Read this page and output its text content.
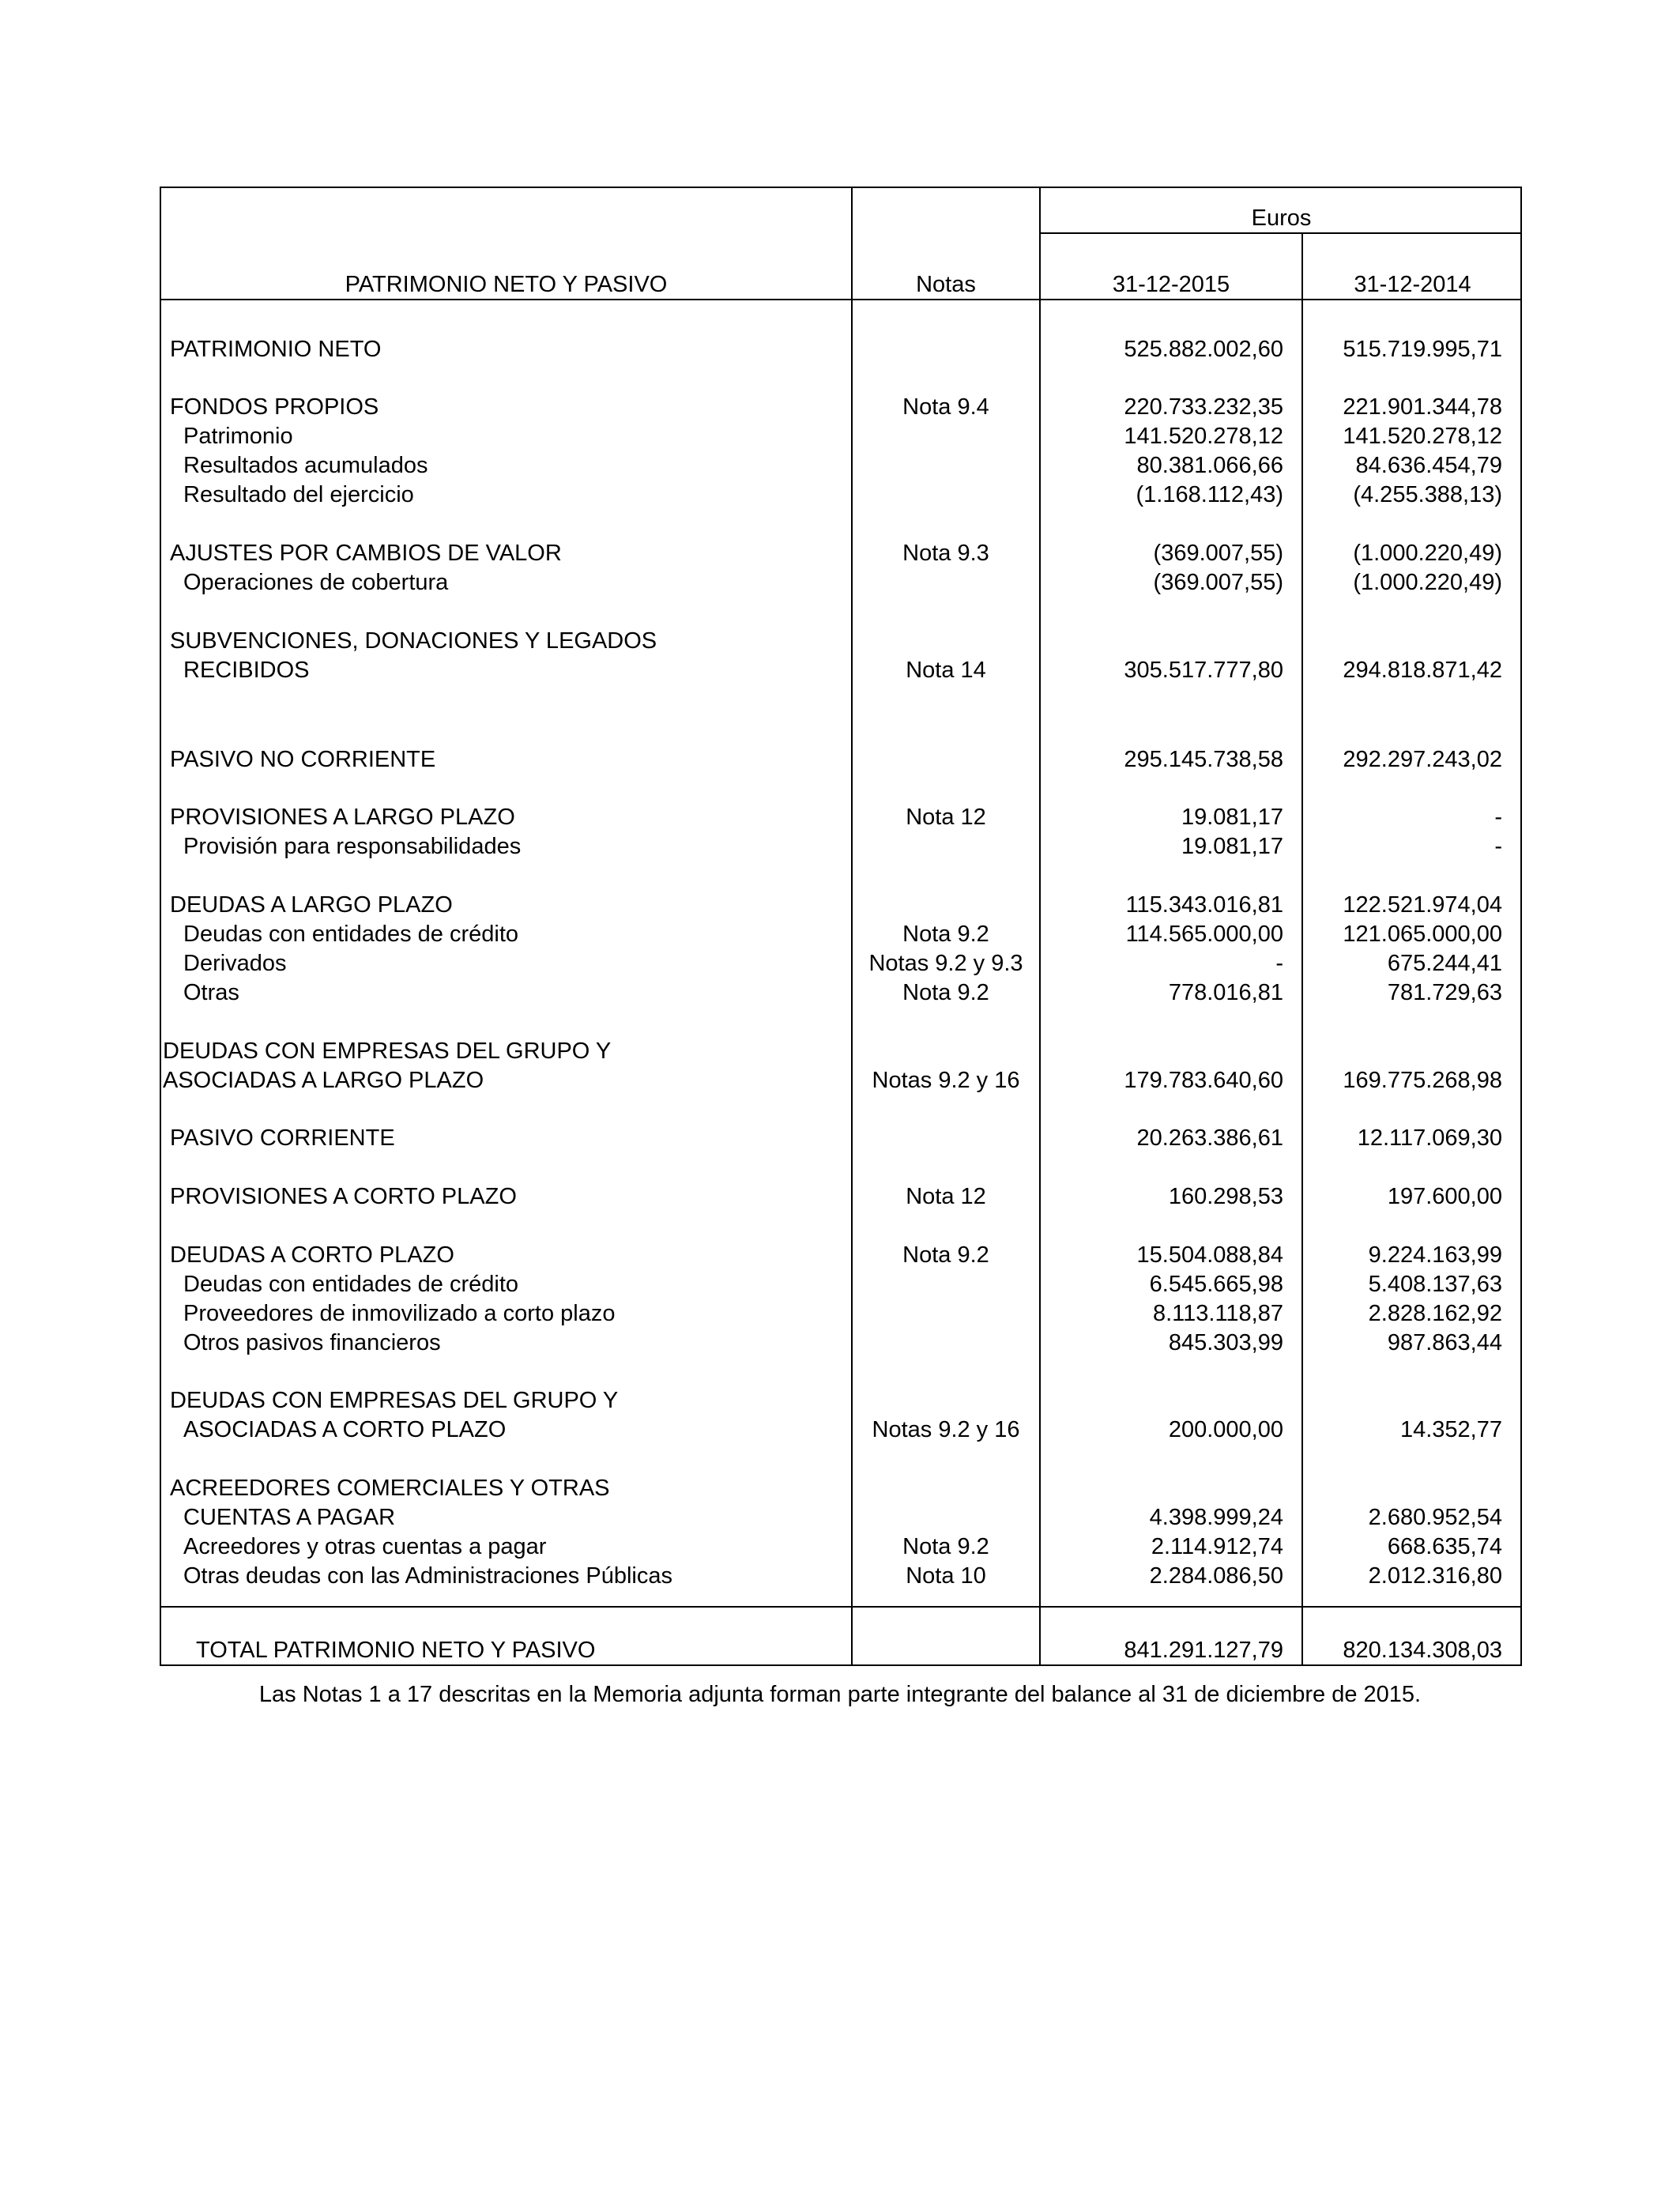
Euros
PATRIMONIO NETO Y PASIVO	Notas	31-12-2015	31-12-2014
PATRIMONIO NETO	525.882.002,60	515.719.995,71
FONDOS PROPIOS	Nota 9.4	220.733.232,35	221.901.344,78
Patrimonio	141.520.278,12	141.520.278,12
Resultados acumulados	80.381.066,66	84.636.454,79
Resultado del ejercicio	(1.168.112,43)	(4.255.388,13)
AJUSTES POR CAMBIOS DE VALOR	Nota 9.3	(369.007,55)	(1.000.220,49)
Operaciones de cobertura	(369.007,55)	(1.000.220,49)
SUBVENCIONES, DONACIONES Y LEGADOS
RECIBIDOS	Nota 14	305.517.777,80	294.818.871,42
PASIVO NO CORRIENTE	295.145.738,58	292.297.243,02
PROVISIONES A LARGO PLAZO	Nota 12	19.081,17	-
Provisión para responsabilidades	19.081,17	-
DEUDAS A LARGO PLAZO	115.343.016,81	122.521.974,04
Deudas con entidades de crédito	Nota 9.2	114.565.000,00	121.065.000,00
Derivados	Notas 9.2 y 9.3	-	675.244,41
Otras	Nota 9.2	778.016,81	781.729,63
DEUDAS CON EMPRESAS DEL GRUPO Y
ASOCIADAS A LARGO PLAZO	Notas 9.2 y 16	179.783.640,60	169.775.268,98
PASIVO CORRIENTE	20.263.386,61	12.117.069,30
PROVISIONES A CORTO PLAZO	Nota 12	160.298,53	197.600,00
DEUDAS A CORTO PLAZO	Nota 9.2	15.504.088,84	9.224.163,99
Deudas con entidades de crédito	6.545.665,98	5.408.137,63
Proveedores de inmovilizado a corto plazo	8.113.118,87	2.828.162,92
Otros pasivos financieros	845.303,99	987.863,44
DEUDAS CON EMPRESAS DEL GRUPO Y
ASOCIADAS A CORTO PLAZO	Notas 9.2 y 16	200.000,00	14.352,77
ACREEDORES COMERCIALES Y OTRAS
CUENTAS A PAGAR	4.398.999,24	2.680.952,54
Acreedores y otras cuentas a pagar	Nota 9.2	2.114.912,74	668.635,74
Otras deudas con las Administraciones Públicas	Nota 10	2.284.086,50	2.012.316,80
TOTAL PATRIMONIO NETO Y PASIVO	841.291.127,79	820.134.308,03
Las Notas 1 a 17 descritas en la Memoria adjunta forman parte integrante del balance al 31 de diciembre de 2015.
